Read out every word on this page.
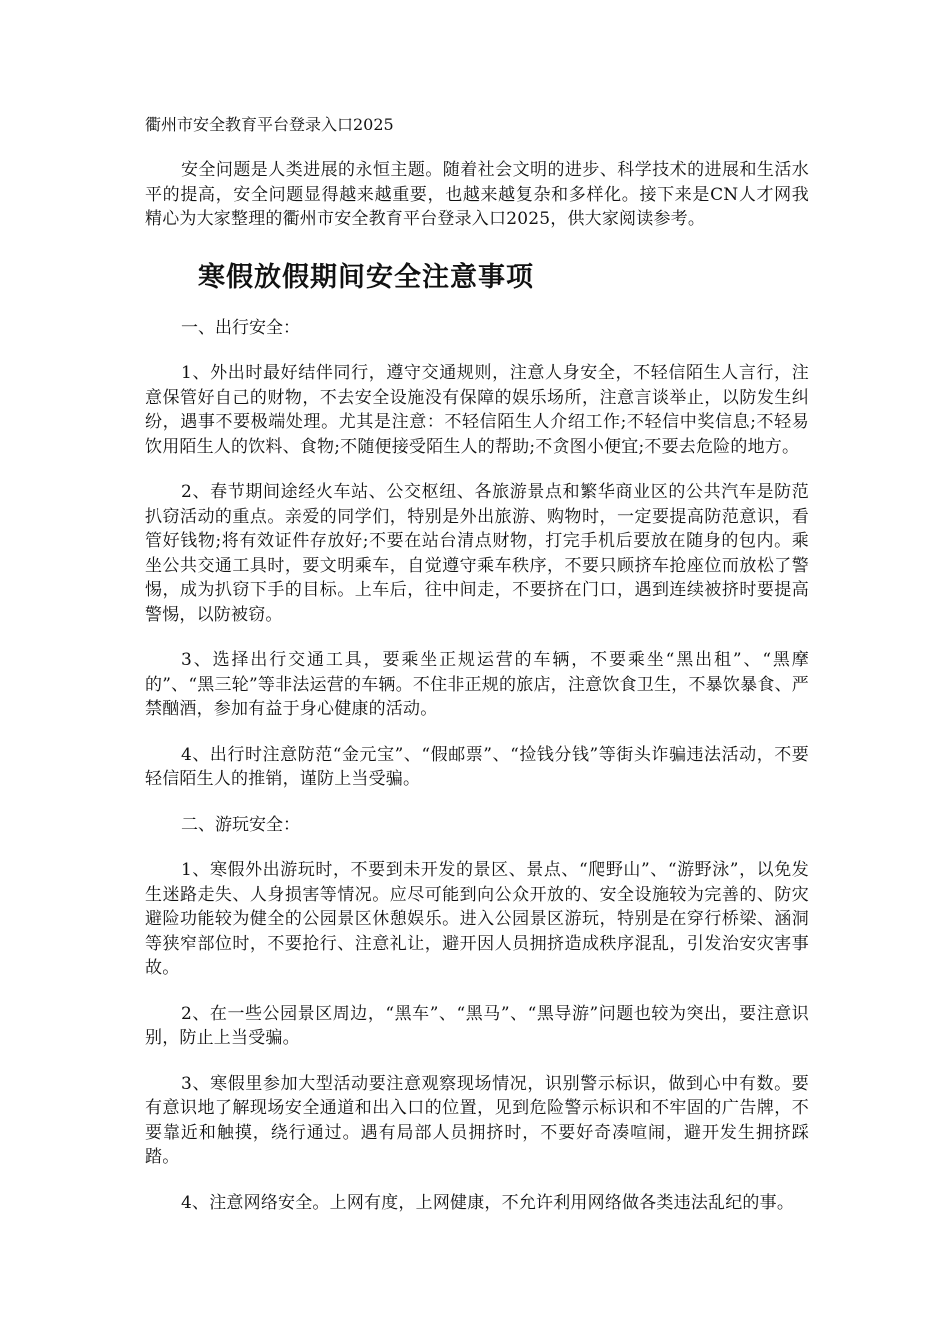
衢州市安全教育平台登录入口2025

安全问题是人类进展的永恒主题。随着社会文明的进步、科学技术的进展和生活水平的提高，安全问题显得越来越重要，也越来越复杂和多样化。接下来是CN人才网我精心为大家整理的衢州市安全教育平台登录入口2025，供大家阅读参考。

寒假放假期间安全注意事项

一、出行安全：

1、外出时最好结伴同行，遵守交通规则，注意人身安全，不轻信陌生人言行，注意保管好自己的财物，不去安全设施没有保障的娱乐场所，注意言谈举止，以防发生纠纷，遇事不要极端处理。尤其是注意：不轻信陌生人介绍工作;不轻信中奖信息;不轻易饮用陌生人的饮料、食物;不随便接受陌生人的帮助;不贪图小便宜;不要去危险的地方。

2、春节期间途经火车站、公交枢纽、各旅游景点和繁华商业区的公共汽车是防范扒窃活动的重点。亲爱的同学们，特别是外出旅游、购物时，一定要提高防范意识，看管好钱物;将有效证件存放好;不要在站台清点财物，打完手机后要放在随身的包内。乘坐公共交通工具时，要文明乘车，自觉遵守乘车秩序，不要只顾挤车抢座位而放松了警惕，成为扒窃下手的目标。上车后，往中间走，不要挤在门口，遇到连续被挤时要提高警惕，以防被窃。

3、选择出行交通工具，要乘坐正规运营的车辆，不要乘坐“黑出租”、“黑摩的”、“黑三轮”等非法运营的车辆。不住非正规的旅店，注意饮食卫生，不暴饮暴食、严禁酗酒，参加有益于身心健康的活动。

4、出行时注意防范“金元宝”、“假邮票”、“捡钱分钱”等街头诈骗违法活动，不要轻信陌生人的推销，谨防上当受骗。

二、游玩安全：

1、寒假外出游玩时，不要到未开发的景区、景点、“爬野山”、“游野泳”，以免发生迷路走失、人身损害等情况。应尽可能到向公众开放的、安全设施较为完善的、防灾避险功能较为健全的公园景区休憩娱乐。进入公园景区游玩，特别是在穿行桥梁、涵洞等狭窄部位时，不要抢行、注意礼让，避开因人员拥挤造成秩序混乱，引发治安灾害事故。

2、在一些公园景区周边，“黑车”、“黑马”、“黑导游”问题也较为突出，要注意识别，防止上当受骗。

3、寒假里参加大型活动要注意观察现场情况，识别警示标识，做到心中有数。要有意识地了解现场安全通道和出入口的位置，见到危险警示标识和不牢固的广告牌，不要靠近和触摸，绕行通过。遇有局部人员拥挤时，不要好奇凑喧闹，避开发生拥挤踩踏。

4、注意网络安全。上网有度，上网健康，不允许利用网络做各类违法乱纪的事。
